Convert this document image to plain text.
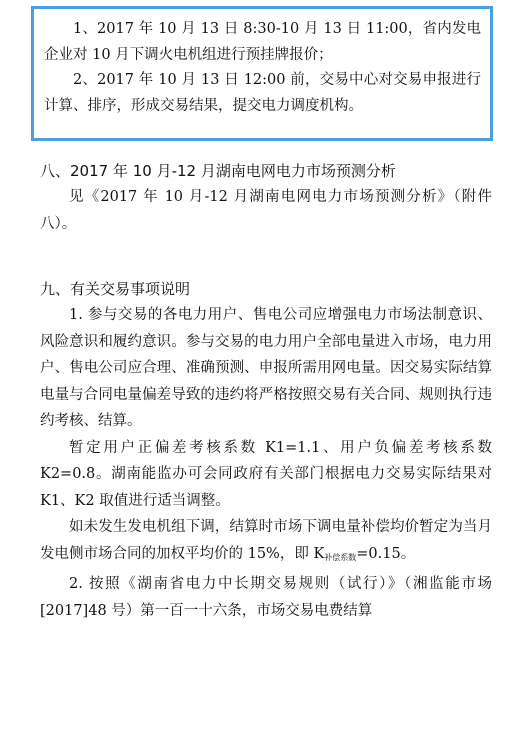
1、2017 年 10 月 13 日 8:30-10 月 13 日 11:00，省内发电企业对 10 月下调火电机组进行预挂牌报价；

2、2017 年 10 月 13 日 12:00 前，交易中心对交易申报进行计算、排序，形成交易结果，提交电力调度机构。

八、2017 年 10 月-12 月湖南电网电力市场预测分析

见《2017 年 10 月-12 月湖南电网电力市场预测分析》（附件八）。

九、有关交易事项说明

1. 参与交易的各电力用户、售电公司应增强电力市场法制意识、风险意识和履约意识。参与交易的电力用户全部电量进入市场，电力用户、售电公司应合理、准确预测、申报所需用网电量。因交易实际结算电量与合同电量偏差导致的违约将严格按照交易有关合同、规则执行违约考核、结算。

暂定用户正偏差考核系数 K1=1.1、用户负偏差考核系数 K2=0.8。湖南能监办可会同政府有关部门根据电力交易实际结果对 K1、K2 取值进行适当调整。

如未发生发电机组下调，结算时市场下调电量补偿均价暂定为当月发电侧市场合同的加权平均价的 15%，即 $K_{补偿系数}=0.15$。

2. 按照《湖南省电力中长期交易规则（试行）》（湘监能市场[2017]48 号）第一百一十六条，市场交易电费结算
